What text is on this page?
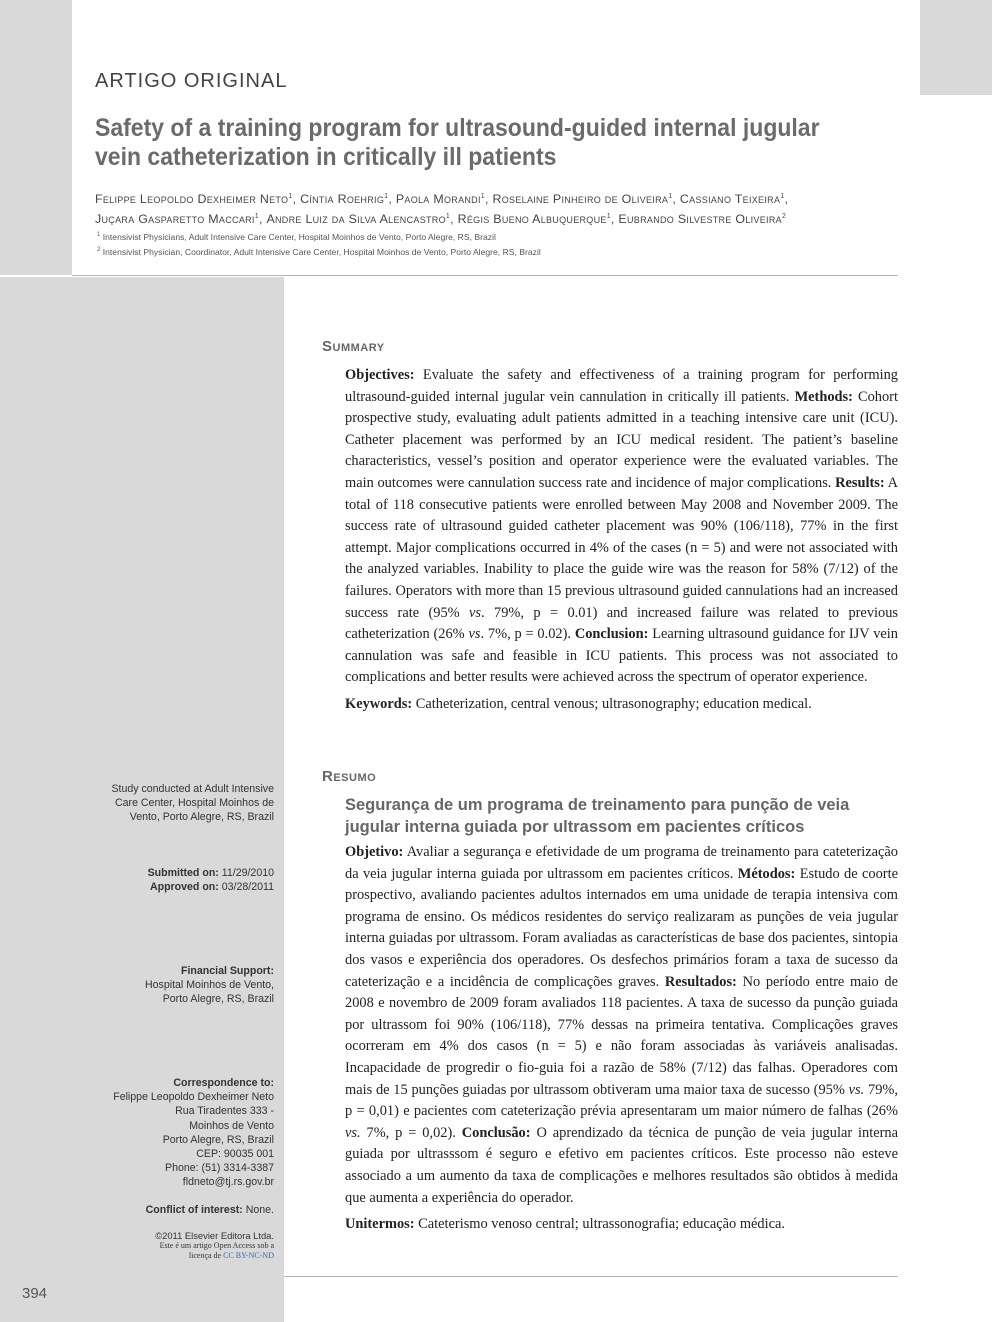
ARTIGO ORIGINAL
Safety of a training program for ultrasound-guided internal jugular vein catheterization in critically ill patients
Felippe Leopoldo Dexheimer Neto$^1$, Cíntia Roehrig$^1$, Paola Morandi$^1$, Roselaine Pinheiro de Oliveira$^1$, Cassiano Teixeira$^1$, Juçara Gasparetto Maccari$^1$, Andre Luiz da Silva Alencastro$^1$, Régis Bueno Albuquerque$^1$, Eubrando Silvestre Oliveira$^2$
$^1$ Intensivist Physicians, Adult Intensive Care Center, Hospital Moinhos de Vento, Porto Alegre, RS, Brazil
$^2$ Intensivist Physician, Coordinator, Adult Intensive Care Center, Hospital Moinhos de Vento, Porto Alegre, RS, Brazil
Summary

Objectives: Evaluate the safety and effectiveness of a training program for performing ultrasound-guided internal jugular vein cannulation in critically ill patients. Methods: Cohort prospective study, evaluating adult patients admitted in a teaching intensive care unit (ICU). Catheter placement was performed by an ICU medical resident. The patient’s baseline characteristics, vessel’s position and operator experience were the evaluated variables. The main outcomes were cannulation success rate and incidence of major complications. Results: A total of 118 consecutive patients were enrolled between May 2008 and November 2009. The success rate of ultrasound guided catheter placement was 90% (106/118), 77% in the first attempt. Major complications occurred in 4% of the cases (n = 5) and were not associated with the analyzed variables. Inability to place the guide wire was the reason for 58% (7/12) of the failures. Operators with more than 15 previous ultrasound guided cannulations had an increased success rate (95% vs. 79%, p = 0.01) and increased failure was related to previous catheterization (26% vs. 7%, p = 0.02). Conclusion: Learning ultrasound guidance for IJV vein cannulation was safe and feasible in ICU patients. This process was not associated to complications and better results were achieved across the spectrum of operator experience.

Keywords: Catheterization, central venous; ultrasonography; education medical.

Resumo
Segurança de um programa de treinamento para punção de veia jugular interna guiada por ultrassom em pacientes críticos

Objetivo: Avaliar a segurança e efetividade de um programa de treinamento para cateterização da veia jugular interna guiada por ultrassom em pacientes críticos. Métodos: Estudo de coorte prospectivo, avaliando pacientes adultos internados em uma unidade de terapia intensiva com programa de ensino. Os médicos residentes do serviço realizaram as punções de veia jugular interna guiadas por ultrassom. Foram avaliadas as características de base dos pacientes, sintopia dos vasos e experiência dos operadores. Os desfechos primários foram a taxa de sucesso da cateterização e a incidência de complicações graves. Resultados: No período entre maio de 2008 e novembro de 2009 foram avaliados 118 pacientes. A taxa de sucesso da punção guiada por ultrassom foi 90% (106/118), 77% dessas na primeira tentativa. Complicações graves ocorreram em 4% dos casos (n = 5) e não foram associadas às variáveis analisadas. Incapacidade de progredir o fio-guia foi a razão de 58% (7/12) das falhas. Operadores com mais de 15 punções guiadas por ultrassom obtiveram uma maior taxa de sucesso (95% vs. 79%, p = 0,01) e pacientes com cateterização prévia apresentaram um maior número de falhas (26% vs. 7%, p = 0,02). Conclusão: O aprendizado da técnica de punção de veia jugular interna guiada por ultrasssom é seguro e efetivo em pacientes críticos. Este processo não esteve associado a um aumento da taxa de complicações e melhores resultados são obtidos à medida que aumenta a experiência do operador.

Unitermos: Cateterismo venoso central; ultrassonografia; educação médica.

Study conducted at Adult Intensive Care Center, Hospital Moinhos de Vento, Porto Alegre, RS, Brazil
Submitted on: 11/29/2010
Approved on: 03/28/2011
Financial Support:
Hospital Moinhos de Vento,
Porto Alegre, RS, Brazil
Correspondence to:
Felippe Leopoldo Dexheimer Neto
Rua Tiradentes 333 -
Moinhos de Vento
Porto Alegre, RS, Brazil
CEP: 90035 001
Phone: (51) 3314-3387
fldneto@tj.rs.gov.br
Conflict of interest: None.
©2011 Elsevier Editora Ltda.
Este é um artigo Open Access sob a
licença de CC BY-NC-ND
394
